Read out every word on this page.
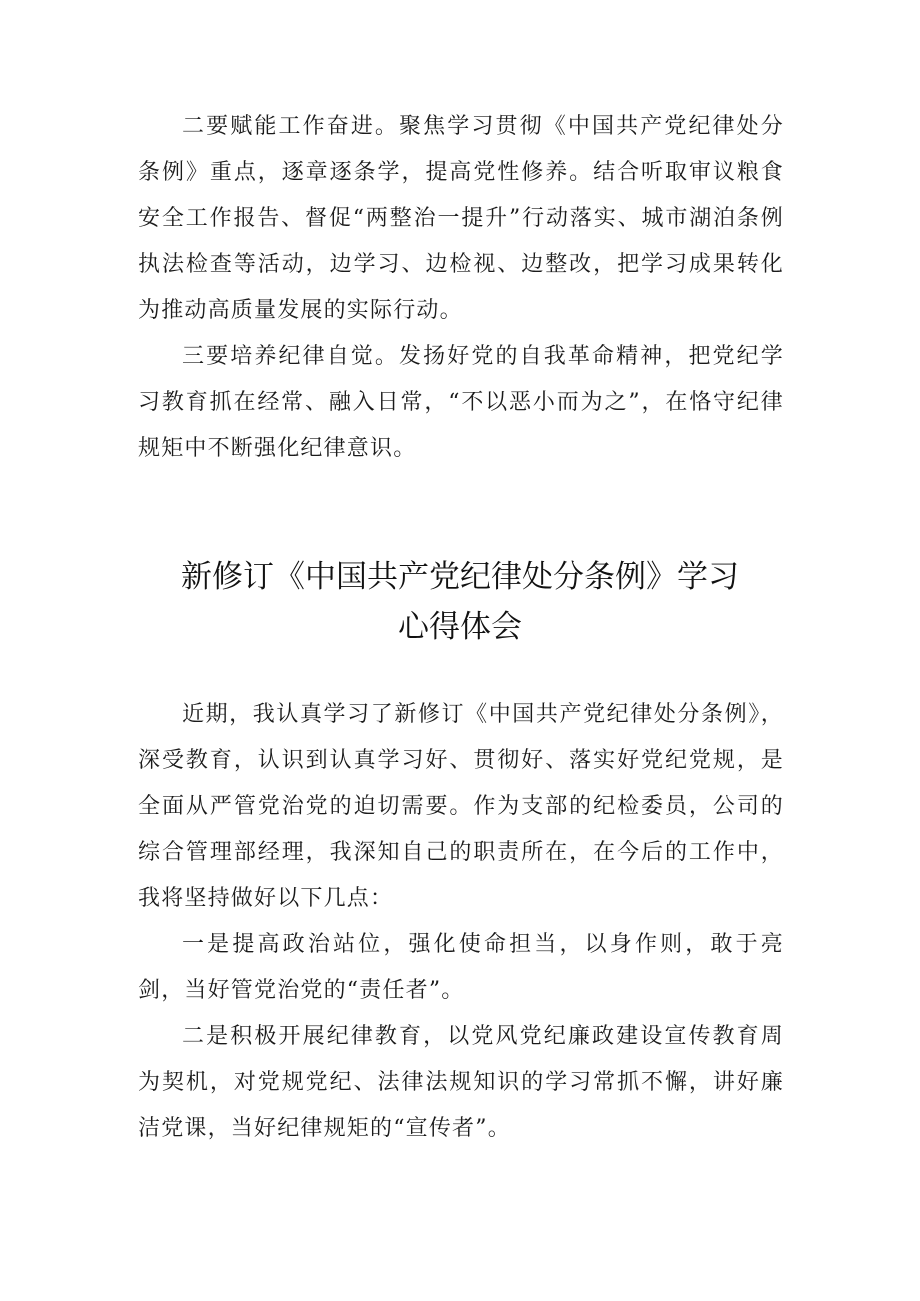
二要赋能工作奋进。聚焦学习贯彻《中国共产党纪律处分条例》重点，逐章逐条学，提高党性修养。结合听取审议粮食安全工作报告、督促“两整治一提升”行动落实、城市湖泊条例执法检查等活动，边学习、边检视、边整改，把学习成果转化为推动高质量发展的实际行动。

三要培养纪律自觉。发扬好党的自我革命精神，把党纪学习教育抓在经常、融入日常，“不以恶小而为之”，在恪守纪律规矩中不断强化纪律意识。

新修订《中国共产党纪律处分条例》学习
心得体会

近期，我认真学习了新修订《中国共产党纪律处分条例》，深受教育，认识到认真学习好、贯彻好、落实好党纪党规，是全面从严管党治党的迫切需要。作为支部的纪检委员，公司的综合管理部经理，我深知自己的职责所在，在今后的工作中，我将坚持做好以下几点：

一是提高政治站位，强化使命担当，以身作则，敢于亮剑，当好管党治党的“责任者”。

二是积极开展纪律教育，以党风党纪廉政建设宣传教育周为契机，对党规党纪、法律法规知识的学习常抓不懈，讲好廉洁党课，当好纪律规矩的“宣传者”。
